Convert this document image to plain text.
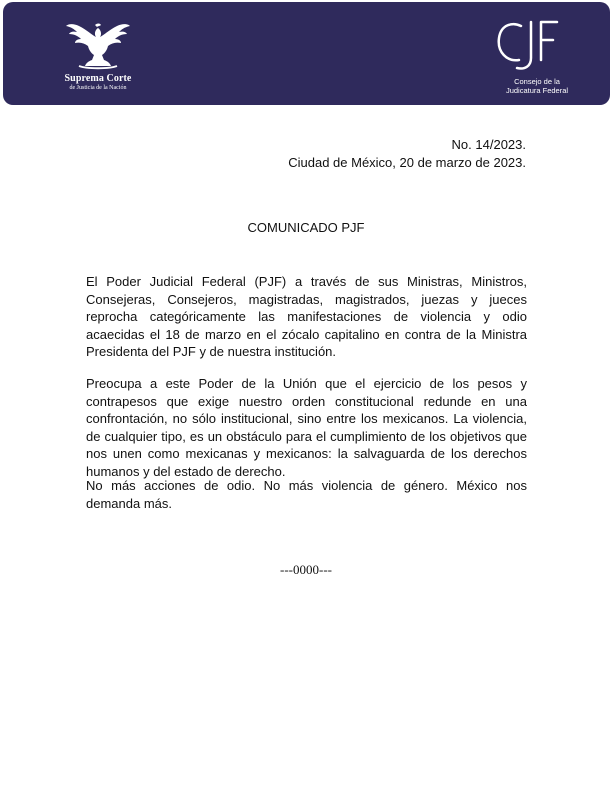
Suprema Corte
de Justicia de la Nación
CJF
Consejo de la
Judicatura Federal
No. 14/2023.
Ciudad de México, 20 de marzo de 2023.
COMUNICADO PJF

El Poder Judicial Federal (PJF) a través de sus Ministras, Ministros, Consejeras, Consejeros, magistradas, magistrados, juezas y jueces reprocha categóricamente las manifestaciones de violencia y odio acaecidas el 18 de marzo en el zócalo capitalino en contra de la Ministra Presidenta del PJF y de nuestra institución.

Preocupa a este Poder de la Unión que el ejercicio de los pesos y contrapesos que exige nuestro orden constitucional redunde en una confrontación, no sólo institucional, sino entre los mexicanos. La violencia, de cualquier tipo, es un obstáculo para el cumplimiento de los objetivos que nos unen como mexicanas y mexicanos: la salvaguarda de los derechos humanos y del estado de derecho.

No más acciones de odio. No más violencia de género. México nos demanda más.

---0000---
